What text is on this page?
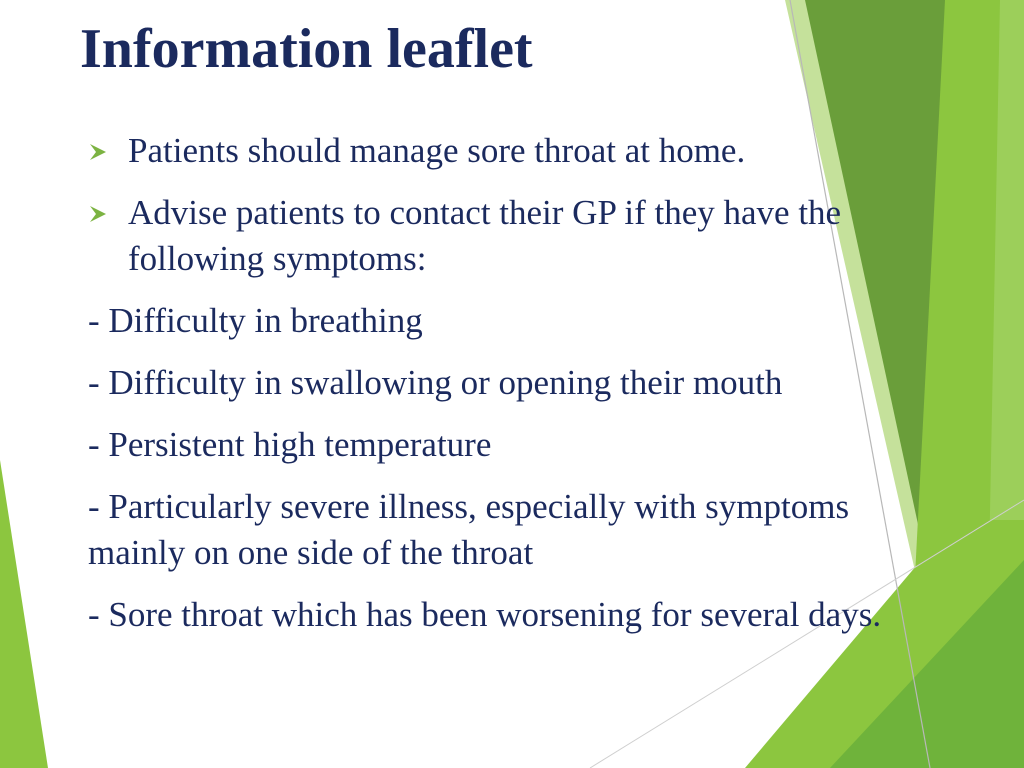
Information leaflet
Patients should manage sore throat at home.
Advise patients to contact their GP if they have the following symptoms:
- Difficulty in breathing
- Difficulty in swallowing or opening their mouth
- Persistent high temperature
- Particularly severe illness, especially with symptoms mainly on one side of the throat
- Sore throat which has been worsening for several days.
